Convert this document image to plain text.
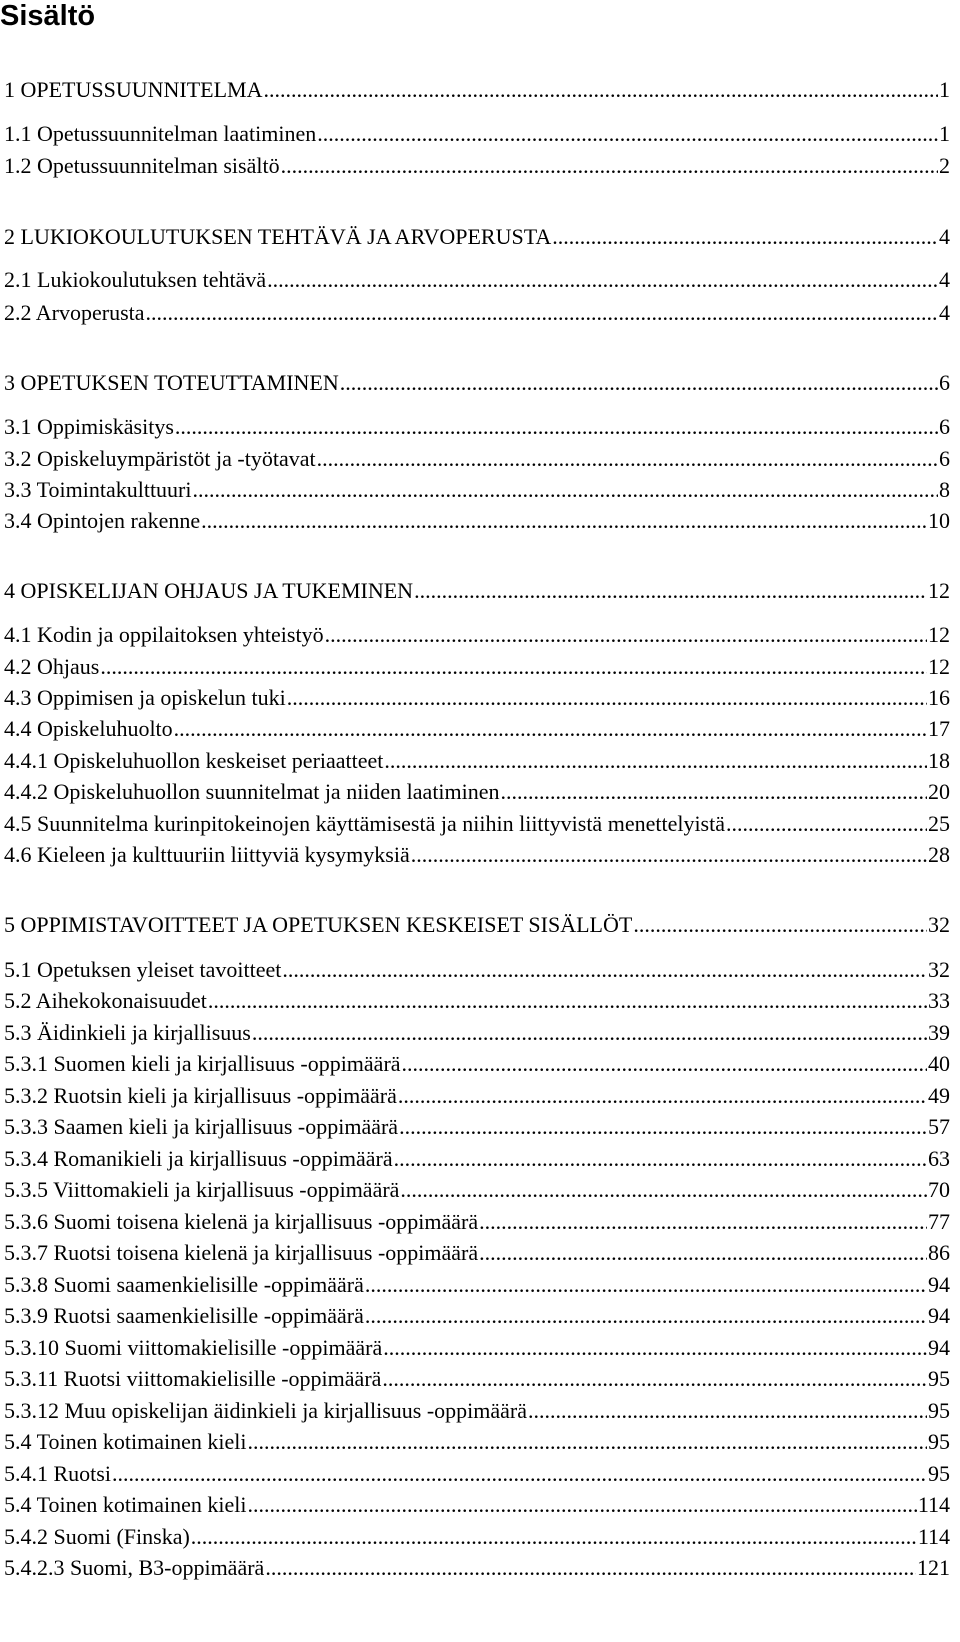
Sisältö
1 OPETUSSUUNNITELMA .....	1
1.1 Opetussuunnitelman laatiminen .....	1
1.2 Opetussuunnitelman sisältö .....	2
2 LUKIOKOULUTUKSEN TEHTÄVÄ JA ARVOPERUSTA .....	4
2.1 Lukiokoulutuksen tehtävä .....	4
2.2 Arvoperusta .....	4
3 OPETUKSEN TOTEUTTAMINEN .....	6
3.1 Oppimiskäsitys .....	6
3.2 Opiskeluympäristöt ja -työtavat .....	6
3.3 Toimintakulttuuri .....	8
3.4 Opintojen rakenne .....	10
4 OPISKELIJAN OHJAUS JA TUKEMINEN .....	12
4.1 Kodin ja oppilaitoksen yhteistyö .....	12
4.2 Ohjaus .....	12
4.3 Oppimisen ja opiskelun tuki .....	16
4.4 Opiskeluhuolto .....	17
4.4.1 Opiskeluhuollon keskeiset periaatteet .....	18
4.4.2 Opiskeluhuollon suunnitelmat ja niiden laatiminen .....	20
4.5 Suunnitelma kurinpitokeinojen käyttämisestä ja niihin liittyvistä menettelyistä .....	25
4.6 Kieleen ja kulttuuriin liittyviä kysymyksiä .....	28
5 OPPIMISTAVOITTEET JA OPETUKSEN KESKEISET SISÄLLÖT .....	32
5.1 Opetuksen yleiset tavoitteet .....	32
5.2 Aihekokonaisuudet .....	33
5.3 Äidinkieli ja kirjallisuus .....	39
5.3.1 Suomen kieli ja kirjallisuus -oppimäärä .....	40
5.3.2 Ruotsin kieli ja kirjallisuus -oppimäärä .....	49
5.3.3 Saamen kieli ja kirjallisuus -oppimäärä .....	57
5.3.4 Romanikieli ja kirjallisuus -oppimäärä .....	63
5.3.5 Viittomakieli ja kirjallisuus -oppimäärä .....	70
5.3.6 Suomi toisena kielenä ja kirjallisuus -oppimäärä .....	77
5.3.7 Ruotsi toisena kielenä ja kirjallisuus -oppimäärä .....	86
5.3.8 Suomi saamenkielisille -oppimäärä .....	94
5.3.9 Ruotsi saamenkielisille -oppimäärä .....	94
5.3.10 Suomi viittomakielisille -oppimäärä .....	94
5.3.11 Ruotsi viittomakielisille -oppimäärä .....	95
5.3.12 Muu opiskelijan äidinkieli ja kirjallisuus -oppimäärä .....	95
5.4 Toinen kotimainen kieli .....	95
5.4.1 Ruotsi .....	95
5.4 Toinen kotimainen kieli .....	114
5.4.2 Suomi (Finska) .....	114
5.4.2.3 Suomi, B3-oppimäärä .....	121
